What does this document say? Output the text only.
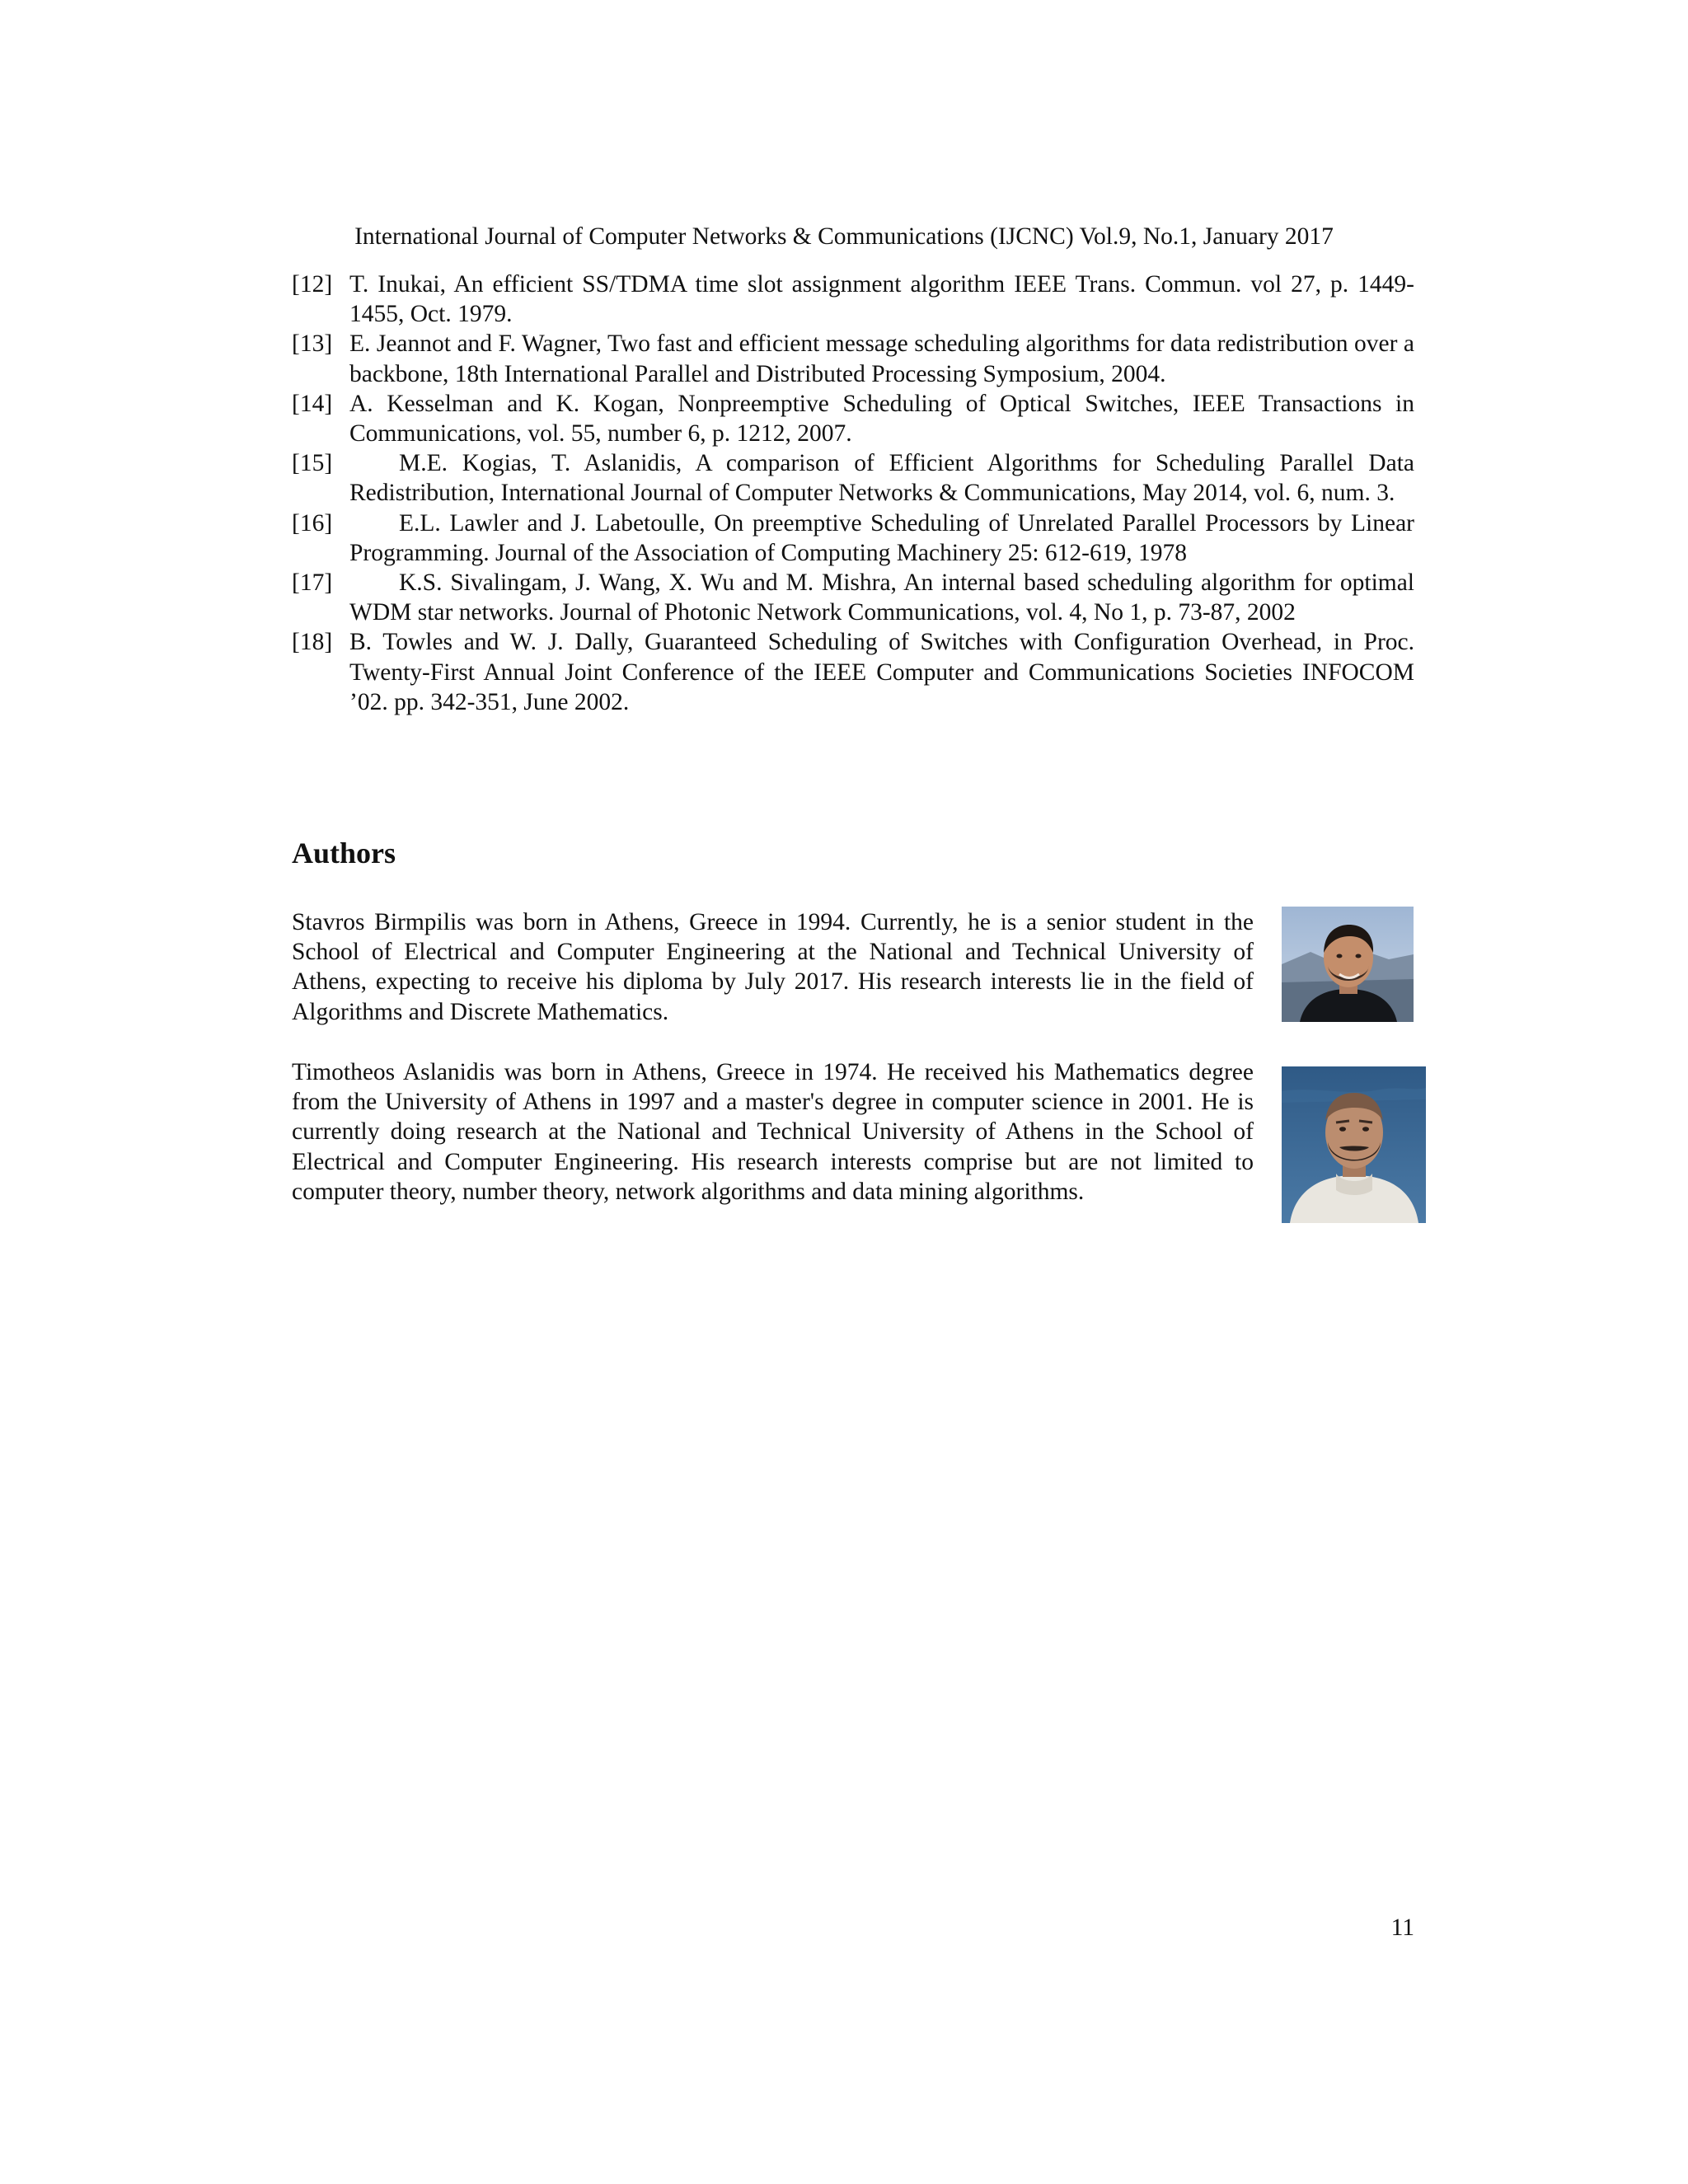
International Journal of Computer Networks & Communications (IJCNC) Vol.9, No.1, January 2017
[12] T. Inukai, An efficient SS/TDMA time slot assignment algorithm IEEE Trans. Commun. vol 27, p. 1449-1455, Oct. 1979.
[13] E. Jeannot and F. Wagner, Two fast and efficient message scheduling algorithms for data redistribution over a backbone, 18th International Parallel and Distributed Processing Symposium, 2004.
[14] A. Kesselman and K. Kogan, Nonpreemptive Scheduling of Optical Switches, IEEE Transactions in Communications, vol. 55, number 6, p. 1212, 2007.
[15]	M.E. Kogias, T. Aslanidis, A comparison of Efficient Algorithms for Scheduling Parallel Data Redistribution, International Journal of Computer Networks & Communications, May 2014, vol. 6, num. 3.
[16]	E.L. Lawler and J. Labetoulle, On preemptive Scheduling of Unrelated Parallel Processors by Linear Programming. Journal of the Association of Computing Machinery 25: 612-619, 1978
[17]	K.S. Sivalingam, J. Wang, X. Wu and M. Mishra, An internal based scheduling algorithm for optimal WDM star networks. Journal of Photonic Network Communications, vol. 4, No 1, p. 73-87, 2002
[18] B. Towles and W. J. Dally, Guaranteed Scheduling of Switches with Configuration Overhead, in Proc. Twenty-First Annual Joint Conference of the IEEE Computer and Communications Societies INFOCOM ’02. pp. 342-351, June 2002.
Authors

Stavros Birmpilis was born in Athens, Greece in 1994. Currently, he is a senior student in the School of Electrical and Computer Engineering at the National and Technical University of Athens, expecting to receive his diploma by July 2017. His research interests lie in the field of Algorithms and Discrete Mathematics.

Timotheos Aslanidis was born in Athens, Greece in 1974. He received his Mathematics degree from the University of Athens in 1997 and a master's degree in computer science in 2001. He is currently doing research at the National and Technical University of Athens in the School of Electrical and Computer Engineering. His research interests comprise but are not limited to computer theory, number theory, network algorithms and data mining algorithms.

11
